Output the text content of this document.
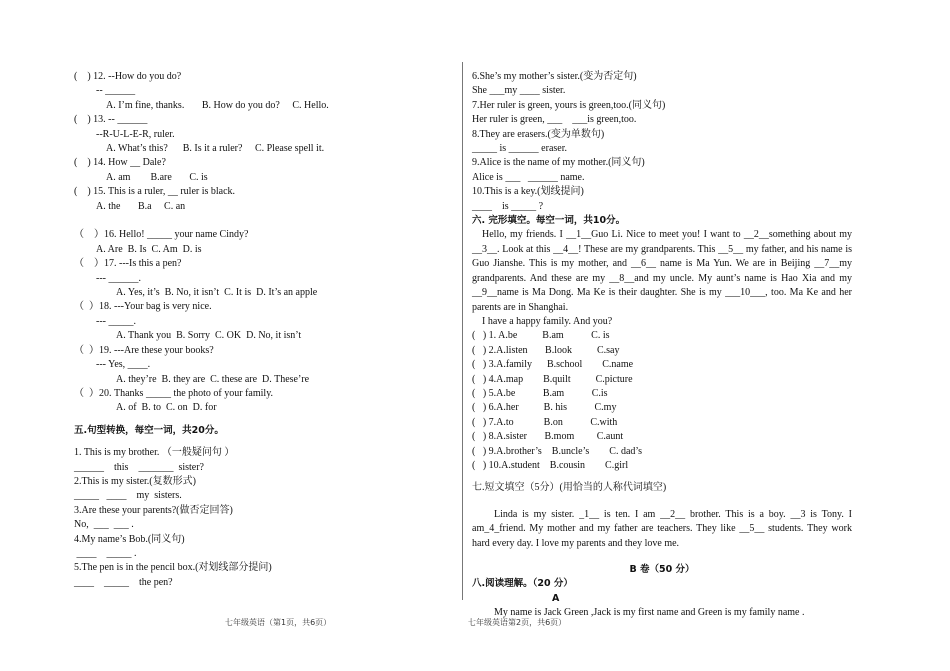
(    ) 12. --How do you do?
-- ______
A. I’m fine, thanks.       B. How do you do?     C. Hello.
(    ) 13. -- ______
--R-U-L-E-R, ruler.
A. What’s this?      B. Is it a ruler?     C. Please spell it.
(    ) 14. How __ Dale?
A. am        B.are       C. is
(    ) 15. This is a ruler, __ ruler is black.
A. the       B.a     C. an
（    ）16. Hello! _____ your name Cindy?
A. Are  B. Is  C. Am  D. is
（    ）17. ---Is this a pen?
--- ______.
A. Yes, it’s  B. No, it isn’t  C. It is  D. It’s an apple
（  ）18. ---Your bag is very nice.
--- _____.
A. Thank you  B. Sorry  C. OK  D. No, it isn’t
（  ）19. ---Are these your books?
--- Yes, ____.
A. they’re  B. they are  C. these are  D. These’re
（  ）20. Thanks _____ the photo of your family.
A. of  B. to  C. on  D. for
五.句型转换，每空一词，共20分。
1. This is my brother. （一般疑问句 ）
______    this    _______  sister?
2.This is my sister.(复数形式)
_____   ____    my  sisters.
3.Are these your parents?(做否定回答)
No,  ___  ___ .
4.My name’s Bob.(同义句)
____    _____ .
5.The pen is in the pencil box.(对划线部分提问)
____    _____    the pen?
6.She’s my mother’s sister.(变为否定句)
She ___my ____ sister.
7.Her ruler is green, yours is green,too.(同义句)
Her ruler is green, ___    ___is green,too.
8.They are erasers.(变为单数句)
_____ is ______ eraser.
9.Alice is the name of my mother.(同义句)
Alice is ___   ______ name.
10.This is a key.(划线提问)
____    is _____ ?
六. 完形填空。每空一词，共10分。
Hello, my friends. I __1__Guo Li. Nice to meet you! I want to __2__something about my __3__. Look at this __4__! These are my grandparents. This __5__ my father, and his name is Guo Jianshe. This is my mother, and __6__ name is Ma Yun. We are in Beijing __7__my grandparents. And these are my __8__and my uncle. My aunt’s name is Hao Xia and my __9__name is Ma Dong. Ma Ke is their daughter. She is my ___10___, too. Ma Ke and her parents are in Shanghai.
I have a happy family. And you?
(   ) 1. A.be          B.am           C. is
(   ) 2.A.listen       B.look          C.say
(   ) 3.A.family      B.school        C.name
(   ) 4.A.map        B.quilt          C.picture
(   ) 5.A.be           B.am           C.is
(   ) 6.A.her          B. his           C.my
(   ) 7.A.to            B.on           C.with
(   ) 8.A.sister       B.mom         C.aunt
(   ) 9.A.brother’s    B.uncle’s        C. dad’s
(   ) 10.A.student    B.cousin        C.girl
七.短文填空（5分）(用恰当的人称代词填空)
Linda is my sister. _1__ is ten. I am __2__ brother. This is a boy. __3 is Tony. I am_4_friend. My mother and my father are teachers. They like __5__ students. They work hard every day. I love my parents and they love me.
B 卷（50 分）
八.阅读理解。（20 分）
A
My name is Jack Green ,Jack is my first name and Green is my family name .
七年级英语（第1页，共6页）	七年级英语第2页，共6页）
